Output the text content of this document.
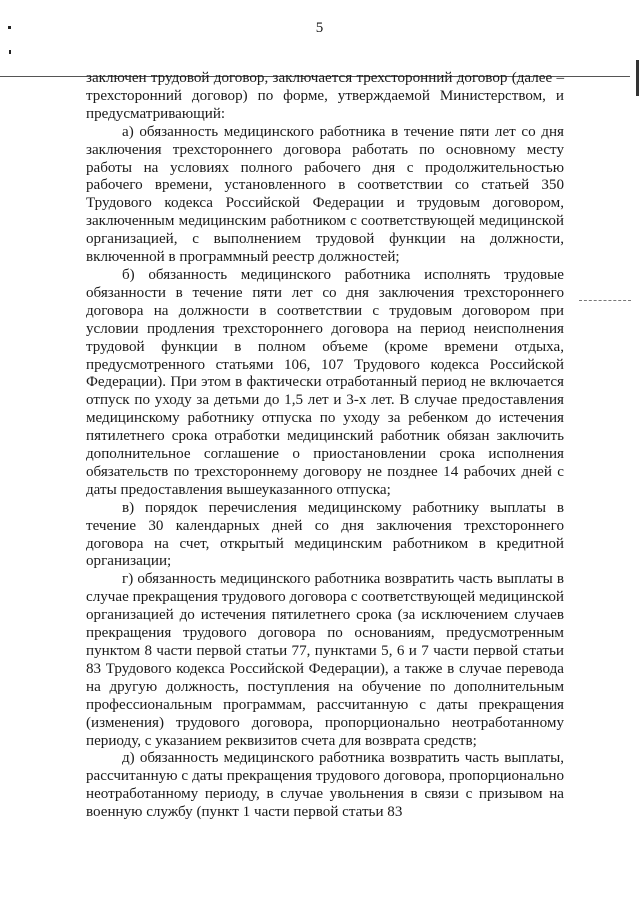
5

заключен трудовой договор, заключается трехсторонний договор (далее – трехсторонний договор) по форме, утверждаемой Министерством, и предусматривающий:

а) обязанность медицинского работника в течение пяти лет со дня заключения трехстороннего договора работать по основному месту работы на условиях полного рабочего дня с продолжительностью рабочего времени, установленного в соответствии со статьей 350 Трудового кодекса Российской Федерации и трудовым договором, заключенным медицинским работником с соответствующей медицинской организацией, с выполнением трудовой функции на должности, включенной в программный реестр должностей;

б) обязанность медицинского работника исполнять трудовые обязанности в течение пяти лет со дня заключения трехстороннего договора на должности в соответствии с трудовым договором при условии продления трехстороннего договора на период неисполнения трудовой функции в полном объеме (кроме времени отдыха, предусмотренного статьями 106, 107 Трудового кодекса Российской Федерации). При этом в фактически отработанный период не включается отпуск по уходу за детьми до 1,5 лет и 3-х лет. В случае предоставления медицинскому работнику отпуска по уходу за ребенком до истечения пятилетнего срока отработки медицинский работник обязан заключить дополнительное соглашение о приостановлении срока исполнения обязательств по трехстороннему договору не позднее 14 рабочих дней с даты предоставления вышеуказанного отпуска;

в) порядок перечисления медицинскому работнику выплаты в течение 30 календарных дней со дня заключения трехстороннего договора на счет, открытый медицинским работником в кредитной организации;

г) обязанность медицинского работника возвратить часть выплаты в случае прекращения трудового договора с соответствующей медицинской организацией до истечения пятилетнего срока (за исключением случаев прекращения трудового договора по основаниям, предусмотренным пунктом 8 части первой статьи 77, пунктами 5, 6 и 7 части первой статьи 83 Трудового кодекса Российской Федерации), а также в случае перевода на другую должность, поступления на обучение по дополнительным профессиональным программам, рассчитанную с даты прекращения (изменения) трудового договора, пропорционально неотработанному периоду, с указанием реквизитов счета для возврата средств;

д) обязанность медицинского работника возвратить часть выплаты, рассчитанную с даты прекращения трудового договора, пропорционально неотработанному периоду, в случае увольнения в связи с призывом на военную службу (пункт 1 части первой статьи 83
